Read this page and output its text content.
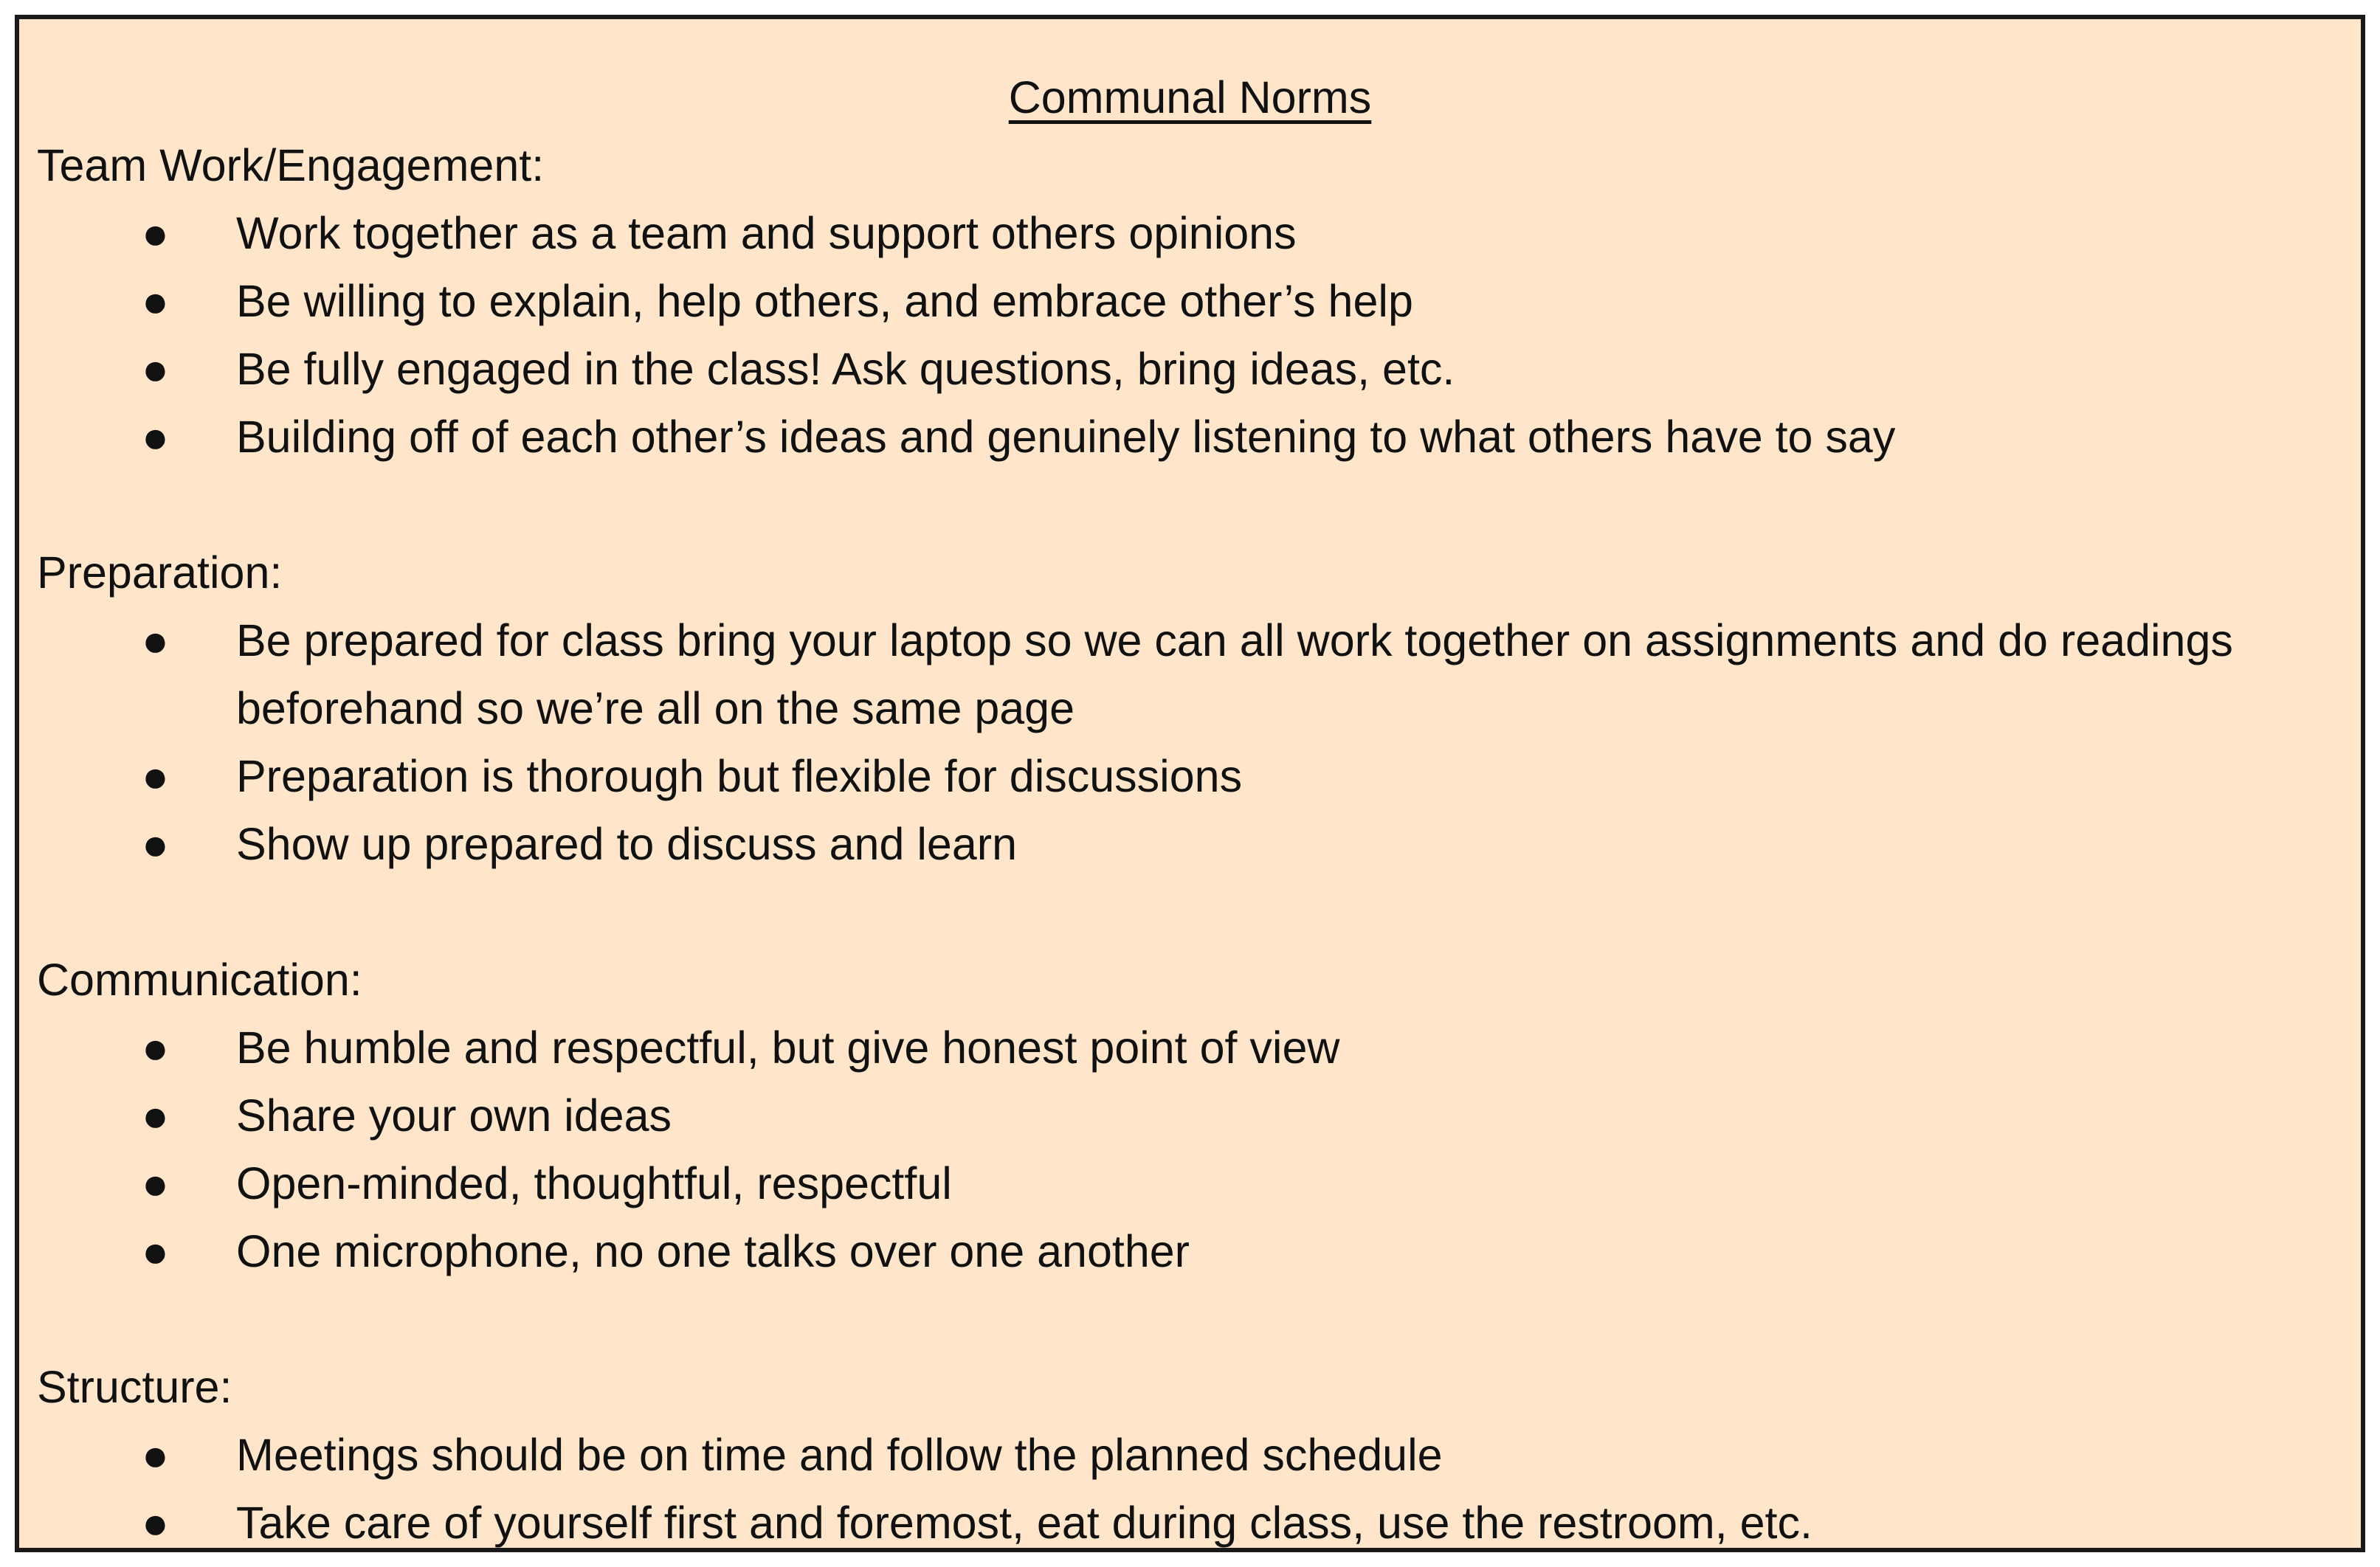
Communal Norms
Team Work/Engagement:
● Work together as a team and support others opinions
● Be willing to explain, help others, and embrace other’s help
● Be fully engaged in the class! Ask questions, bring ideas, etc.
● Building off of each other’s ideas and genuinely listening to what others have to say
Preparation:
● Be prepared for class bring your laptop so we can all work together on assignments and do readings beforehand so we’re all on the same page
● Preparation is thorough but flexible for discussions
● Show up prepared to discuss and learn
Communication:
● Be humble and respectful, but give honest point of view
● Share your own ideas
● Open-minded, thoughtful, respectful
● One microphone, no one talks over one another
Structure:
● Meetings should be on time and follow the planned schedule
● Take care of yourself first and foremost, eat during class, use the restroom, etc.
